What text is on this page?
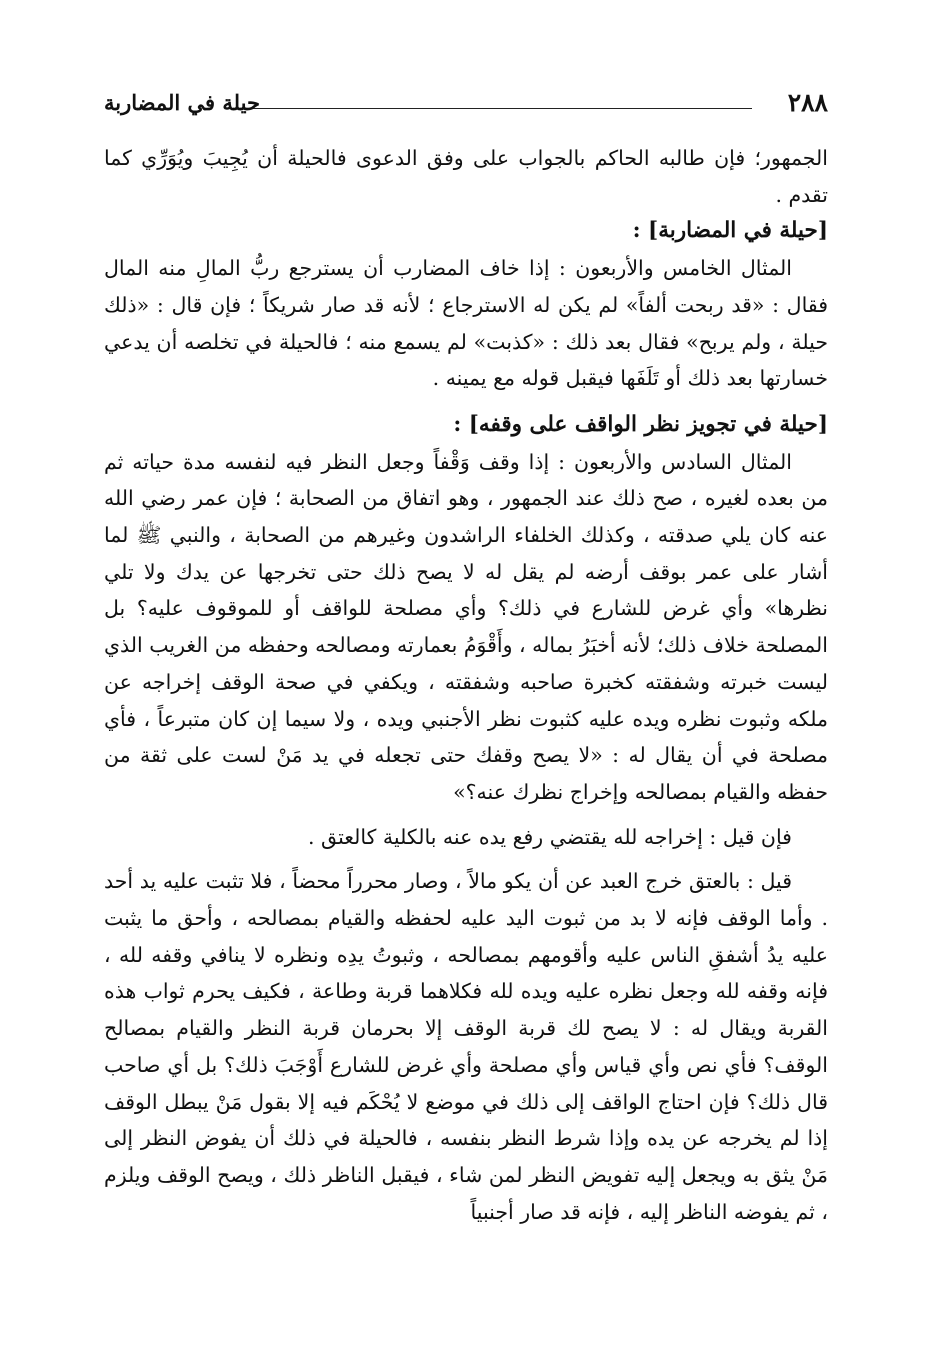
٢٨٨
حيلة في المضاربة

الجمهور؛ فإن طالبه الحاكم بالجواب على وفق الدعوى فالحيلة أن يُجِيبَ ويُوَرِّي كما تقدم .

[حيلة في المضاربة] :

المثال الخامس والأربعون : إذا خاف المضارب أن يسترجع ربُّ المالِ منه المال فقال : «قد ربحت ألفاً» لم يكن له الاسترجاع ؛ لأنه قد صار شريكاً ؛ فإن قال : «ذلك حيلة ، ولم يربح» فقال بعد ذلك : «كذبت» لم يسمع منه ؛ فالحيلة في تخلصه أن يدعي خسارتها بعد ذلك أو تَلَفَها فيقبل قوله مع يمينه .

[حيلة في تجويز نظر الواقف على وقفه] :

المثال السادس والأربعون : إذا وقف وَقْفاً وجعل النظر فيه لنفسه مدة حياته ثم من بعده لغيره ، صح ذلك عند الجمهور ، وهو اتفاق من الصحابة ؛ فإن عمر رضي الله عنه كان يلي صدقته ، وكذلك الخلفاء الراشدون وغيرهم من الصحابة ، والنبي ﷺ لما أشار على عمر بوقف أرضه لم يقل له لا يصح ذلك حتى تخرجها عن يدك ولا تلي نظرها» وأي غرض للشارع في ذلك؟ وأي مصلحة للواقف أو للموقوف عليه؟ بل المصلحة خلاف ذلك؛ لأنه أخبَرُ بماله ، وأَقْوَمُ بعمارته ومصالحه وحفظه من الغريب الذي ليست خبرته وشفقته كخبرة صاحبه وشفقته ، ويكفي في صحة الوقف إخراجه عن ملكه وثبوت نظره ويده عليه كثبوت نظر الأجنبي ويده ، ولا سيما إن كان متبرعاً ، فأي مصلحة في أن يقال له : «لا يصح وقفك حتى تجعله في يد مَنْ لست على ثقة من حفظه والقيام بمصالحه وإخراج نظرك عنه؟»

فإن قيل : إخراجه لله يقتضي رفع يده عنه بالكلية كالعتق .

قيل : بالعتق خرج العبد عن أن يكو مالاً ، وصار محرراً محضاً ، فلا تثبت عليه يد أحد . وأما الوقف فإنه لا بد من ثبوت اليد عليه لحفظه والقيام بمصالحه ، وأحق ما يثبت عليه يدُ أشفقِ الناس عليه وأقومهم بمصالحه ، وثبوتُ يدِه ونظره لا ينافي وقفه لله ، فإنه وقفه لله وجعل نظره عليه ويده لله فكلاهما قربة وطاعة ، فكيف يحرم ثواب هذه القربة ويقال له : لا يصح لك قربة الوقف إلا بحرمان قربة النظر والقيام بمصالح الوقف؟ فأي نص وأي قياس وأي مصلحة وأي غرض للشارع أَوْجَبَ ذلك؟ بل أي صاحب قال ذلك؟ فإن احتاج الواقف إلى ذلك في موضع لا يُحْكَم فيه إلا بقول مَنْ يبطل الوقف إذا لم يخرجه عن يده وإذا شرط النظر بنفسه ، فالحيلة في ذلك أن يفوض النظر إلى مَنْ يثق به ويجعل إليه تفويض النظر لمن شاء ، فيقبل الناظر ذلك ، ويصح الوقف ويلزم ، ثم يفوضه الناظر إليه ، فإنه قد صار أجنبياً
